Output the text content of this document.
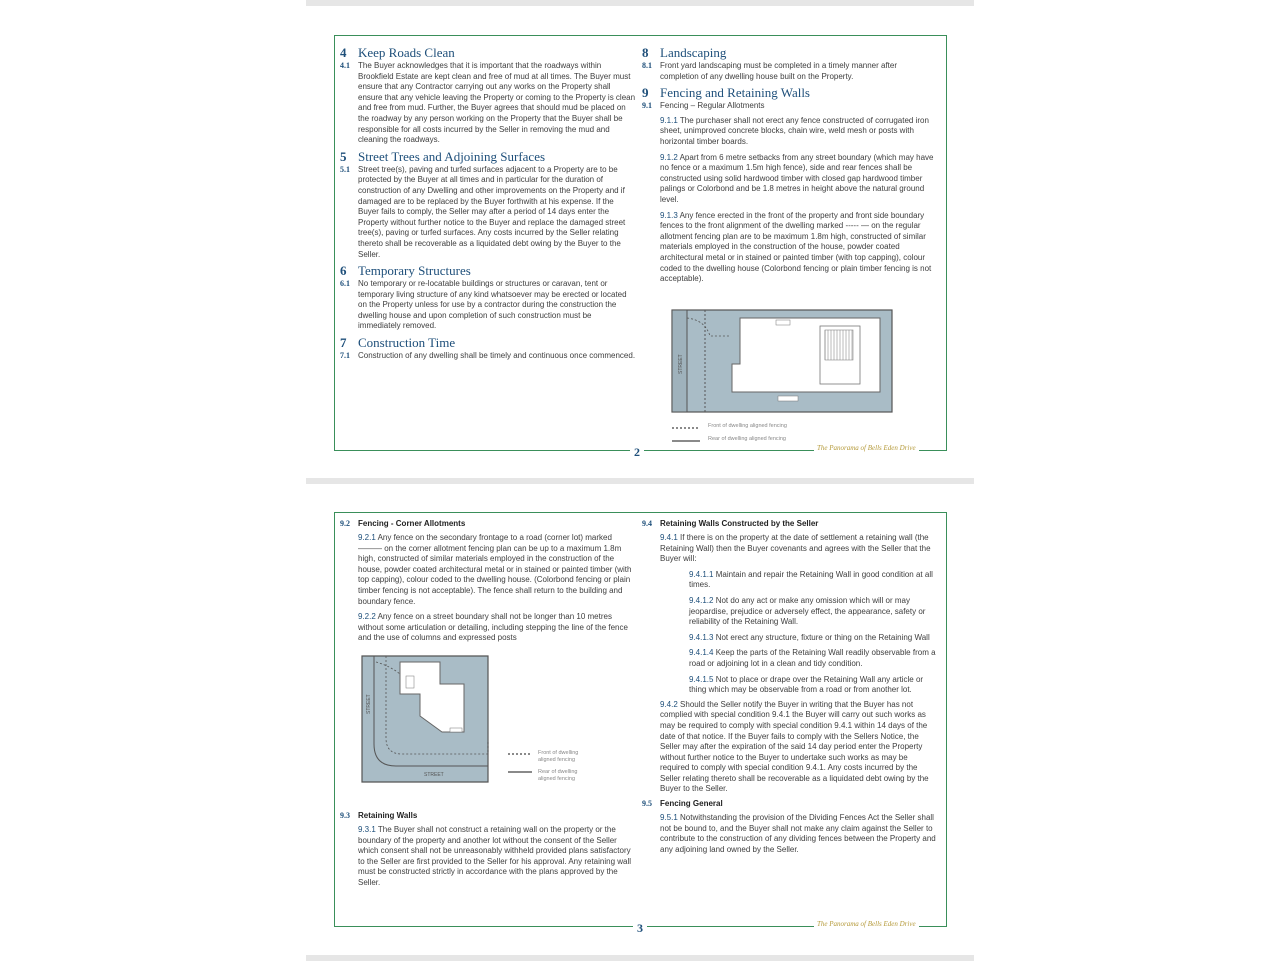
2	The Panorama of Bells Eden Drive
4 Keep Roads Clean
4.1	The Buyer acknowledges that it is important that the roadways within Brookfield Estate are kept clean and free of mud at all times. The Buyer must ensure that any Contractor carrying out any works on the Property shall ensure that any vehicle leaving the Property or coming to the Property is clean and free from mud. Further, the Buyer agrees that should mud be placed on the roadway by any person working on the Property that the Buyer shall be responsible for all costs incurred by the Seller in removing the mud and cleaning the roadways.
5 Street Trees and Adjoining Surfaces
5.1	Street tree(s), paving and turfed surfaces adjacent to a Property are to be protected by the Buyer at all times and in particular for the duration of construction of any Dwelling and other improvements on the Property and if damaged are to be replaced by the Buyer forthwith at his expense. If the Buyer fails to comply, the Seller may after a period of 14 days enter the Property without further notice to the Buyer and replace the damaged street tree(s), paving or turfed surfaces. Any costs incurred by the Seller relating thereto shall be recoverable as a liquidated debt owing by the Buyer to the Seller.
6 Temporary Structures
6.1	No temporary or re-locatable buildings or structures or caravan, tent or temporary living structure of any kind whatsoever may be erected or located on the Property unless for use by a contractor during the construction the dwelling house and upon completion of such construction must be immediately removed.
7 Construction Time
7.1	Construction of any dwelling shall be timely and continuous once commenced.
8 Landscaping
8.1	Front yard landscaping must be completed in a timely manner after completion of any dwelling house built on the Property.
9 Fencing and Retaining Walls
9.1	Fencing – Regular Allotments
9.1.1 The purchaser shall not erect any fence constructed of corrugated iron sheet, unimproved concrete blocks, chain wire, weld mesh or posts with horizontal timber boards.
9.1.2 Apart from 6 metre setbacks from any street boundary (which may have no fence or a maximum 1.5m high fence), side and rear fences shall be constructed using solid hardwood timber with closed gap hardwood timber palings or Colorbond and be 1.8 metres in height above the natural ground level.
9.1.3 Any fence erected in the front of the property and front side boundary fences to the front alignment of the dwelling marked ----- — on the regular allotment fencing plan are to be maximum 1.8m high, constructed of similar materials employed in the construction of the house, powder coated architectural metal or in stained or painted timber (with top capping), colour coded to the dwelling house (Colorbond fencing or plain timber fencing is not acceptable).
STREET
Front of dwelling aligned fencing
Rear of dwelling aligned fencing
3	The Panorama of Bells Eden Drive
9.2	Fencing - Corner Allotments
9.2.1 Any fence on the secondary frontage to a road (corner lot) marked ——— on the corner allotment fencing plan can be up to a maximum 1.8m high, constructed of similar materials employed in the construction of the house, powder coated architectural metal or in stained or painted timber (with top capping), colour coded to the dwelling house. (Colorbond fencing or plain timber fencing is not acceptable). The fence shall return to the building and boundary fence.
9.2.2 Any fence on a street boundary shall not be longer than 10 metres without some articulation or detailing, including stepping the line of the fence and the use of columns and expressed posts
STREET
STREET
Front of dwelling aligned fencing
Rear of dwelling aligned fencing
9.3	Retaining Walls
9.3.1 The Buyer shall not construct a retaining wall on the property or the boundary of the property and another lot without the consent of the Seller which consent shall not be unreasonably withheld provided plans satisfactory to the Seller are first provided to the Seller for his approval. Any retaining wall must be constructed strictly in accordance with the plans approved by the Seller.
9.4	Retaining Walls Constructed by the Seller
9.4.1 If there is on the property at the date of settlement a retaining wall (the Retaining Wall) then the Buyer covenants and agrees with the Seller that the Buyer will:
9.4.1.1 Maintain and repair the Retaining Wall in good condition at all times.
9.4.1.2 Not do any act or make any omission which will or may jeopardise, prejudice or adversely effect, the appearance, safety or reliability of the Retaining Wall.
9.4.1.3 Not erect any structure, fixture or thing on the Retaining Wall
9.4.1.4 Keep the parts of the Retaining Wall readily observable from a road or adjoining lot in a clean and tidy condition.
9.4.1.5 Not to place or drape over the Retaining Wall any article or thing which may be observable from a road or from another lot.
9.4.2 Should the Seller notify the Buyer in writing that the Buyer has not complied with special condition 9.4.1 the Buyer will carry out such works as may be required to comply with special condition 9.4.1 within 14 days of the date of that notice. If the Buyer fails to comply with the Sellers Notice, the Seller may after the expiration of the said 14 day period enter the Property without further notice to the Buyer to undertake such works as may be required to comply with special condition 9.4.1. Any costs incurred by the Seller relating thereto shall be recoverable as a liquidated debt owing by the Buyer to the Seller.
9.5	Fencing General
9.5.1 Notwithstanding the provision of the Dividing Fences Act the Seller shall not be bound to, and the Buyer shall not make any claim against the Seller to contribute to the construction of any dividing fences between the Property and any adjoining land owned by the Seller.
